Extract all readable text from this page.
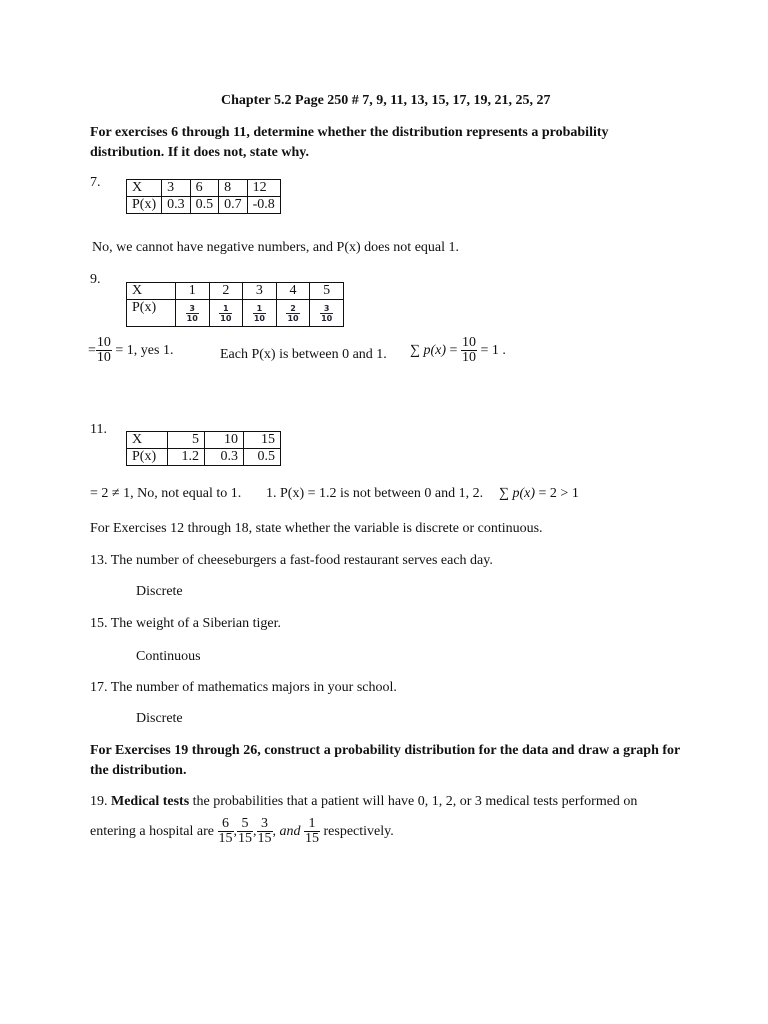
Chapter 5.2 Page 250 # 7, 9, 11, 13, 15, 17, 19, 21, 25, 27
For exercises 6 through 11, determine whether the distribution represents a probability
distribution. If it does not, state why.
7. X	3	6	8	12
P(x)	0.3	0.5	0.7	-0.8
No, we cannot have negative numbers, and P(x) does not equal 1.
9.
X	1	2	3	4	5
P(x)	$\frac{3}{10}$	$\frac{1}{10}$	$\frac{1}{10}$	$\frac{2}{10}$	$\frac{3}{10}$
= $\frac{10}{10} = 1$, yes 1.	Each P(x) is between 0 and 1. ∑ $p(x) = \frac{10}{10} = 1$ .
11.
X	5	10	15
P(x)	1.2	0.3	0.5
= 2 ≠ 1, No, not equal to 1. 1. P(x) = 1.2 is not between 0 and 1, 2. ∑ p(x) = 2 > 1
For Exercises 12 through 18, state whether the variable is discrete or continuous.
13. The number of cheeseburgers a fast-food restaurant serves each day.
Discrete
15. The weight of a Siberian tiger.
Continuous
17. The number of mathematics majors in your school.
Discrete
For Exercises 19 through 26, construct a probability distribution for the data and draw a graph for
the distribution.
19. Medical tests the probabilities that a patient will have 0, 1, 2, or 3 medical tests performed on
entering a hospital are $\frac{6}{15}$ , $\frac{5}{15}$ , $\frac{3}{15}$ , and $\frac{1}{15}$ respectively.
